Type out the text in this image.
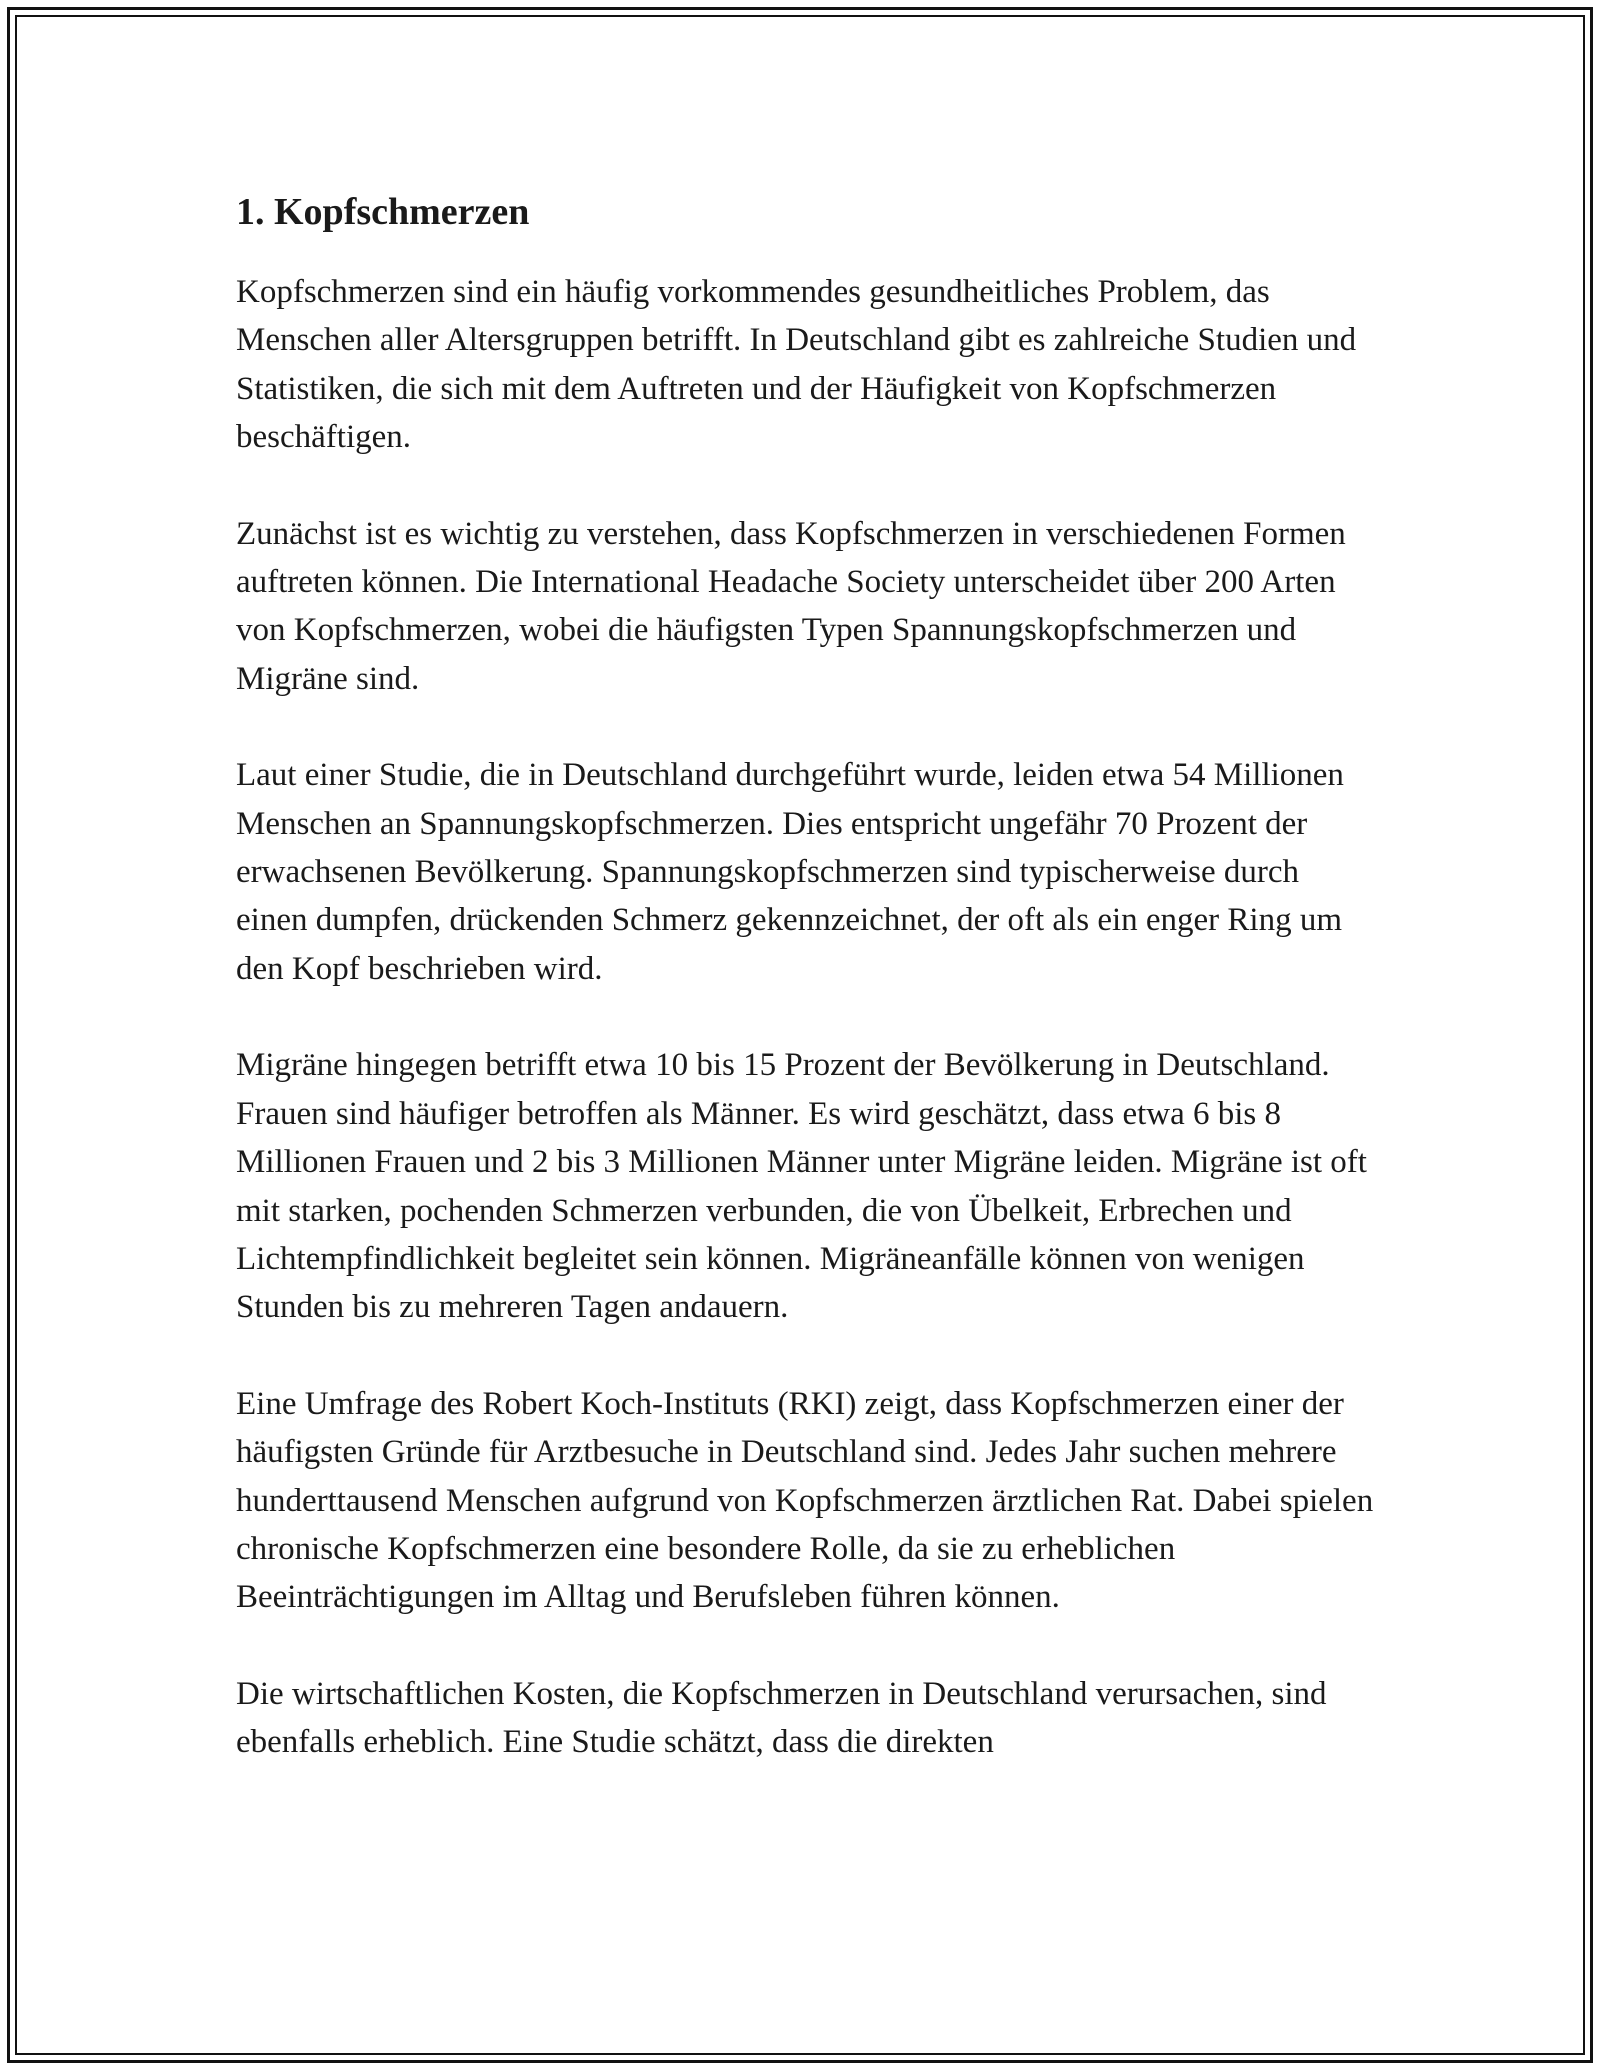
1. Kopfschmerzen

Kopfschmerzen sind ein häufig vorkommendes gesundheitliches Problem, das Menschen aller Altersgruppen betrifft. In Deutschland gibt es zahlreiche Studien und Statistiken, die sich mit dem Auftreten und der Häufigkeit von Kopfschmerzen beschäftigen.

Zunächst ist es wichtig zu verstehen, dass Kopfschmerzen in verschiedenen Formen auftreten können. Die International Headache Society unterscheidet über 200 Arten von Kopfschmerzen, wobei die häufigsten Typen Spannungskopfschmerzen und Migräne sind.

Laut einer Studie, die in Deutschland durchgeführt wurde, leiden etwa 54 Millionen Menschen an Spannungskopfschmerzen. Dies entspricht ungefähr 70 Prozent der erwachsenen Bevölkerung. Spannungskopfschmerzen sind typischerweise durch einen dumpfen, drückenden Schmerz gekennzeichnet, der oft als ein enger Ring um den Kopf beschrieben wird.

Migräne hingegen betrifft etwa 10 bis 15 Prozent der Bevölkerung in Deutschland. Frauen sind häufiger betroffen als Männer. Es wird geschätzt, dass etwa 6 bis 8 Millionen Frauen und 2 bis 3 Millionen Männer unter Migräne leiden. Migräne ist oft mit starken, pochenden Schmerzen verbunden, die von Übelkeit, Erbrechen und Lichtempfindlichkeit begleitet sein können. Migräneanfälle können von wenigen Stunden bis zu mehreren Tagen andauern.

Eine Umfrage des Robert Koch-Instituts (RKI) zeigt, dass Kopfschmerzen einer der häufigsten Gründe für Arztbesuche in Deutschland sind. Jedes Jahr suchen mehrere hunderttausend Menschen aufgrund von Kopfschmerzen ärztlichen Rat. Dabei spielen chronische Kopfschmerzen eine besondere Rolle, da sie zu erheblichen Beeinträchtigungen im Alltag und Berufsleben führen können.

Die wirtschaftlichen Kosten, die Kopfschmerzen in Deutschland verursachen, sind ebenfalls erheblich. Eine Studie schätzt, dass die direkten
